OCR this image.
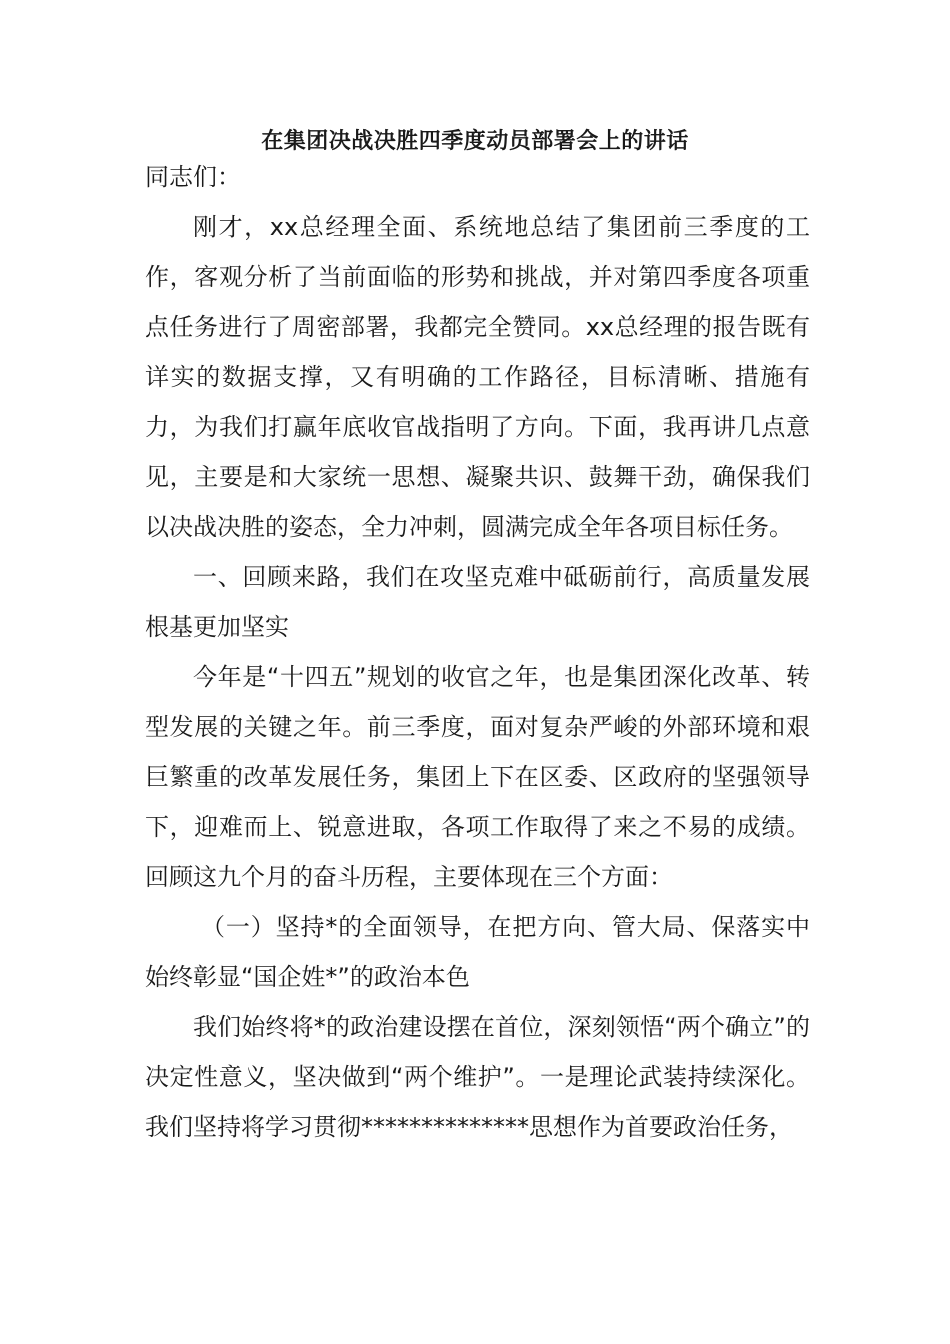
在集团决战决胜四季度动员部署会上的讲话

同志们：

刚才，xx总经理全面、系统地总结了集团前三季度的工作，客观分析了当前面临的形势和挑战，并对第四季度各项重点任务进行了周密部署，我都完全赞同。xx总经理的报告既有详实的数据支撑，又有明确的工作路径，目标清晰、措施有力，为我们打赢年底收官战指明了方向。下面，我再讲几点意见，主要是和大家统一思想、凝聚共识、鼓舞干劲，确保我们以决战决胜的姿态，全力冲刺，圆满完成全年各项目标任务。

一、回顾来路，我们在攻坚克难中砥砺前行，高质量发展根基更加坚实

今年是“十四五”规划的收官之年，也是集团深化改革、转型发展的关键之年。前三季度，面对复杂严峻的外部环境和艰巨繁重的改革发展任务，集团上下在区委、区政府的坚强领导下，迎难而上、锐意进取，各项工作取得了来之不易的成绩。回顾这九个月的奋斗历程，主要体现在三个方面：

（一）坚持*的全面领导，在把方向、管大局、保落实中始终彰显“国企姓*”的政治本色

我们始终将*的政治建设摆在首位，深刻领悟“两个确立”的决定性意义，坚决做到“两个维护”。一是理论武装持续深化。我们坚持将学习贯彻**************思想作为首要政治任务，
